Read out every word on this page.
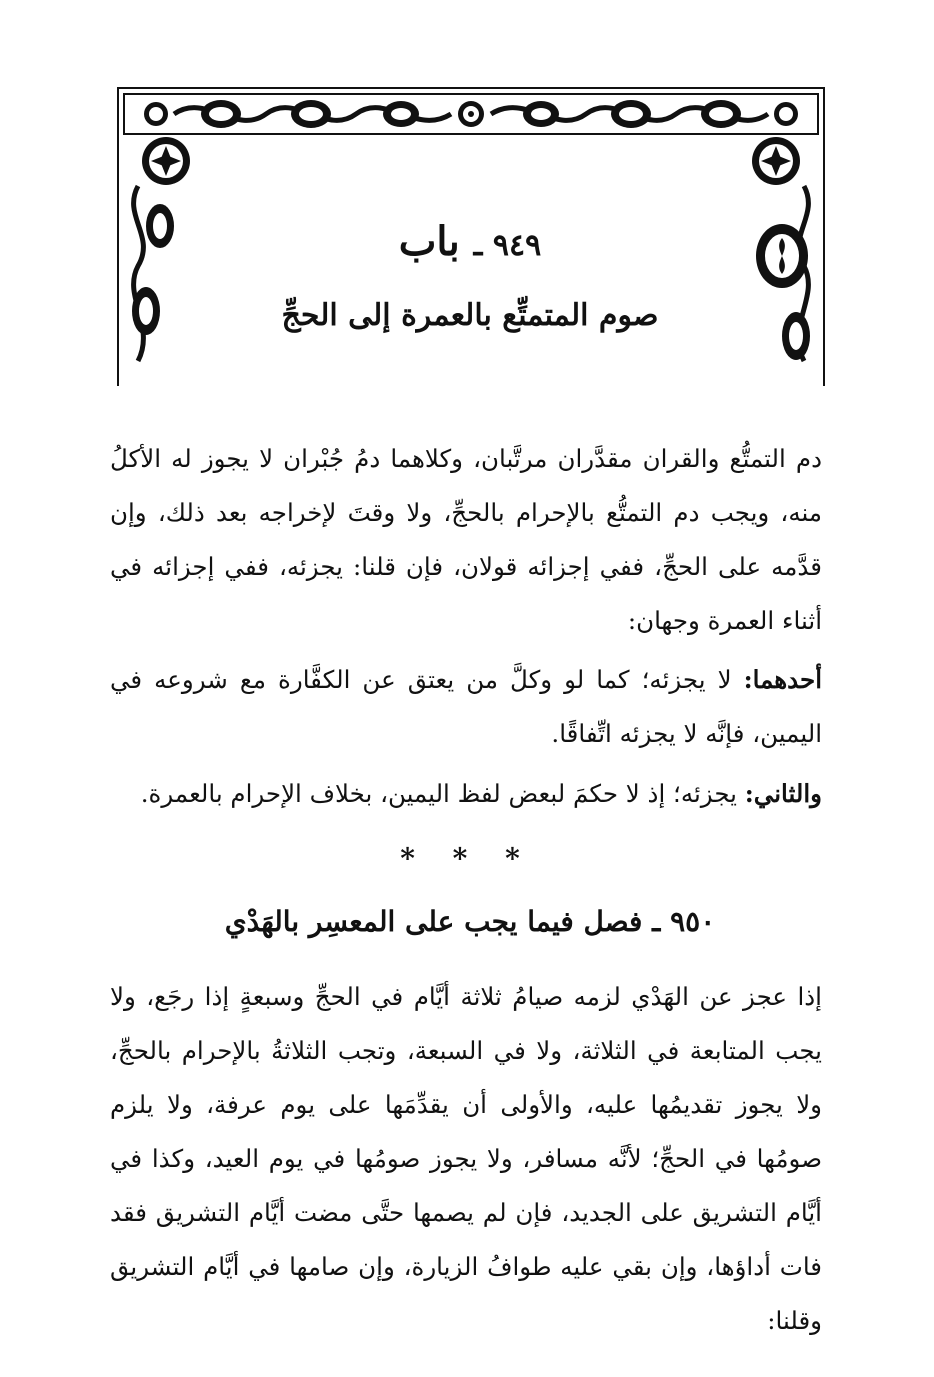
٩٤٩ ـ باب
صوم المتمتِّع بالعمرة إلى الحجِّ
دم التمتُّع والقران مقدَّران مرتَّبان، وكلاهما دمُ جُبْران لا يجوز له الأكلُ منه، ويجب دم التمتُّع بالإحرام بالحجِّ، ولا وقتَ لإخراجه بعد ذلك، وإن قدَّمه على الحجِّ، ففي إجزائه قولان، فإن قلنا: يجزئه، ففي إجزائه في أثناء العمرة وجهان:
أحدهما: لا يجزئه؛ كما لو وكلَّ من يعتق عن الكفَّارة مع شروعه في اليمين، فإنَّه لا يجزئه اتِّفاقًا.
والثاني: يجزئه؛ إذ لا حكمَ لبعض لفظ اليمين، بخلاف الإحرام بالعمرة.
* * *
٩٥٠ ـ فصل فيما يجب على المعسِر بالهَدْي
إذا عجز عن الهَدْي لزمه صيامُ ثلاثة أيَّام في الحجِّ وسبعةٍ إذا رجَع، ولا يجب المتابعة في الثلاثة، ولا في السبعة، وتجب الثلاثةُ بالإحرام بالحجِّ، ولا يجوز تقديمُها عليه، والأولى أن يقدِّمَها على يوم عرفة، ولا يلزم صومُها في الحجِّ؛ لأنَّه مسافر، ولا يجوز صومُها في يوم العيد، وكذا في أيَّام التشريق على الجديد، فإن لم يصمها حتَّى مضت أيَّام التشريق فقد فات أداؤها، وإن بقي عليه طوافُ الزيارة، وإن صامها في أيَّام التشريق وقلنا:
